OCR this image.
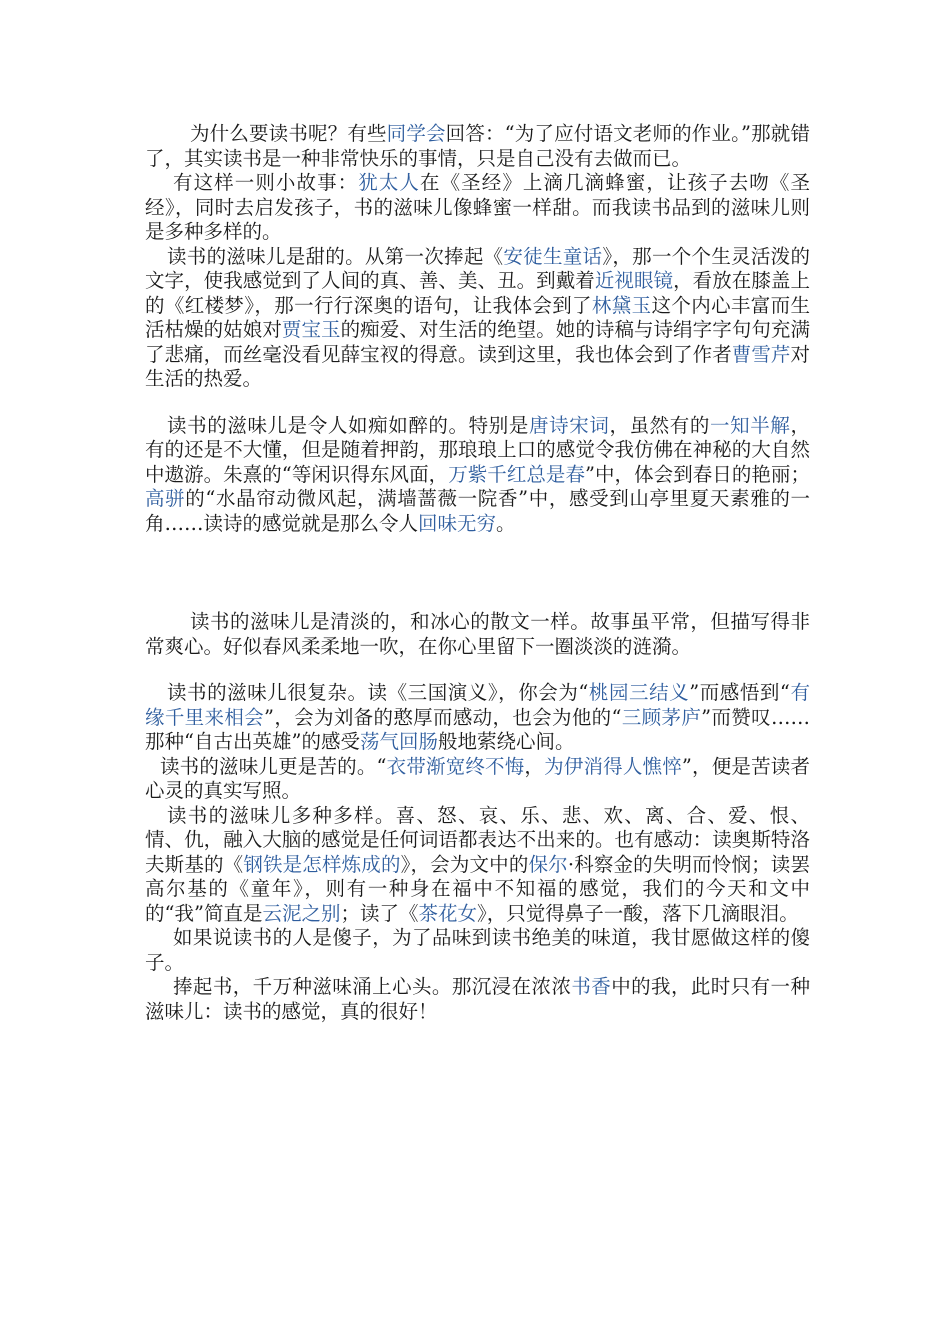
为什么要读书呢？有些同学会回答：“为了应付语文老师的作业。”那就错了，其实读书是一种非常快乐的事情，只是自己没有去做而已。

有这样一则小故事：犹太人在《圣经》上滴几滴蜂蜜，让孩子去吻《圣经》，同时去启发孩子，书的滋味儿像蜂蜜一样甜。而我读书品到的滋味儿则是多种多样的。

读书的滋味儿是甜的。从第一次捧起《安徒生童话》，那一个个生灵活泼的文字，使我感觉到了人间的真、善、美、丑。到戴着近视眼镜，看放在膝盖上的《红楼梦》，那一行行深奥的语句，让我体会到了林黛玉这个内心丰富而生活枯燥的姑娘对贾宝玉的痴爱、对生活的绝望。她的诗稿与诗绢字字句句充满了悲痛，而丝毫没看见薛宝衩的得意。读到这里，我也体会到了作者曹雪芹对生活的热爱。

读书的滋味儿是令人如痴如醉的。特别是唐诗宋词，虽然有的一知半解，有的还是不大懂，但是随着押韵，那琅琅上口的感觉令我仿佛在神秘的大自然中遨游。朱熹的“等闲识得东风面，万紫千红总是春”中，体会到春日的艳丽；高骈的“水晶帘动微风起，满墙蔷薇一院香”中，感受到山亭里夏天素雅的一角……读诗的感觉就是那么令人回味无穷。

读书的滋味儿是清淡的，和冰心的散文一样。故事虽平常，但描写得非常爽心。好似春风柔柔地一吹，在你心里留下一圈淡淡的涟漪。

读书的滋味儿很复杂。读《三国演义》，你会为“桃园三结义”而感悟到“有缘千里来相会”，会为刘备的憨厚而感动，也会为他的“三顾茅庐”而赞叹……那种“自古出英雄”的感受荡气回肠般地萦绕心间。

读书的滋味儿更是苦的。“衣带渐宽终不悔，为伊消得人憔悴”，便是苦读者心灵的真实写照。

读书的滋味儿多种多样。喜、怒、哀、乐、悲、欢、离、合、爱、恨、情、仇，融入大脑的感觉是任何词语都表达不出来的。也有感动：读奥斯特洛夫斯基的《钢铁是怎样炼成的》，会为文中的保尔·科察金的失明而怜悯；读罢高尔基的《童年》，则有一种身在福中不知福的感觉，我们的今天和文中的“我”简直是云泥之别；读了《茶花女》，只觉得鼻子一酸，落下几滴眼泪。

如果说读书的人是傻子，为了品味到读书绝美的味道，我甘愿做这样的傻子。

捧起书，千万种滋味涌上心头。那沉浸在浓浓书香中的我，此时只有一种滋味儿：读书的感觉，真的很好！
